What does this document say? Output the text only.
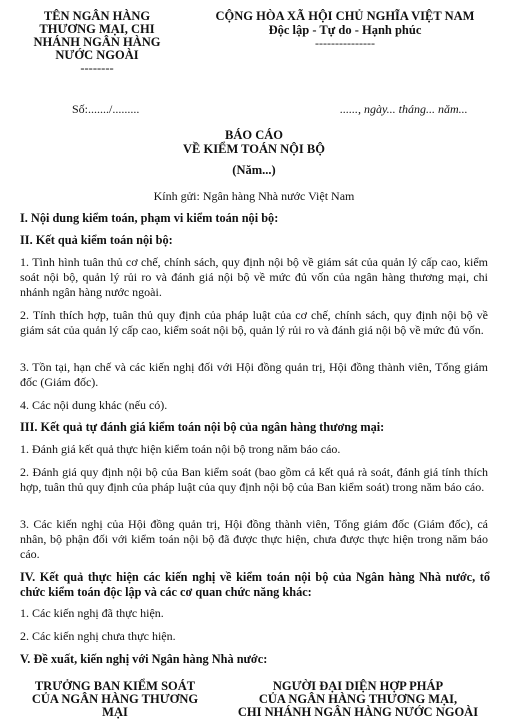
TÊN NGÂN HÀNG
THƯƠNG MẠI, CHI
NHÁNH NGÂN HÀNG
NƯỚC NGOÀI
--------
CỘNG HÒA XÃ HỘI CHỦ NGHĨA VIỆT NAM
Độc lập - Tự do - Hạnh phúc
---------------
Số:......./.........	......, ngày... tháng... năm...
BÁO CÁO
VỀ KIỂM TOÁN NỘI BỘ
(Năm...)
Kính gửi: Ngân hàng Nhà nước Việt Nam
I. Nội dung kiểm toán, phạm vi kiểm toán nội bộ:
II. Kết quả kiểm toán nội bộ:
1. Tình hình tuân thủ cơ chế, chính sách, quy định nội bộ về giám sát của quản lý cấp cao, kiểm soát nội bộ, quản lý rủi ro và đánh giá nội bộ về mức đủ vốn của ngân hàng thương mại, chi nhánh ngân hàng nước ngoài.
2. Tính thích hợp, tuân thủ quy định của pháp luật của cơ chế, chính sách, quy định nội bộ về giám sát của quản lý cấp cao, kiểm soát nội bộ, quản lý rủi ro và đánh giá nội bộ về mức đủ vốn.
3. Tồn tại, hạn chế và các kiến nghị đối với Hội đồng quản trị, Hội đồng thành viên, Tổng giám đốc (Giám đốc).
4. Các nội dung khác (nếu có).
III. Kết quả tự đánh giá kiểm toán nội bộ của ngân hàng thương mại:
1. Đánh giá kết quả thực hiện kiểm toán nội bộ trong năm báo cáo.
2. Đánh giá quy định nội bộ của Ban kiểm soát (bao gồm cả kết quả rà soát, đánh giá tính thích hợp, tuân thủ quy định của pháp luật của quy định nội bộ của Ban kiểm soát) trong năm báo cáo.
3. Các kiến nghị của Hội đồng quản trị, Hội đồng thành viên, Tổng giám đốc (Giám đốc), cá nhân, bộ phận đối với kiểm toán nội bộ đã được thực hiện, chưa được thực hiện trong năm báo cáo.
IV. Kết quả thực hiện các kiến nghị về kiểm toán nội bộ của Ngân hàng Nhà nước, tổ chức kiểm toán độc lập và các cơ quan chức năng khác:
1. Các kiến nghị đã thực hiện.
2. Các kiến nghị chưa thực hiện.
V. Đề xuất, kiến nghị với Ngân hàng Nhà nước:
TRƯỞNG BAN KIỂM SOÁT
CỦA NGÂN HÀNG THƯƠNG
MẠI
NGƯỜI ĐẠI DIỆN HỢP PHÁP
CỦA NGÂN HÀNG THƯƠNG MẠI,
CHI NHÁNH NGÂN HÀNG NƯỚC NGOÀI
